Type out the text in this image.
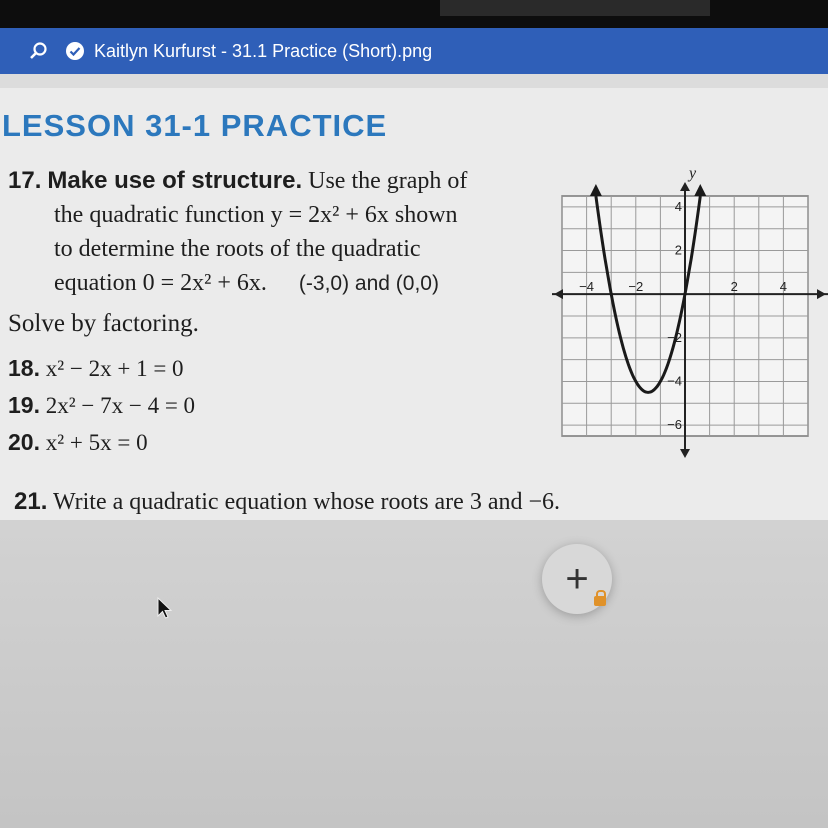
Kaitlyn Kurfurst - 31.1 Practice (Short).png
LESSON 31-1 PRACTICE
17. Make use of structure. Use the graph of
the quadratic function y = 2x² + 6x shown
to determine the roots of the quadratic
equation 0 = 2x² + 6x. (-3,0) and (0,0)
Solve by factoring.
18. x² − 2x + 1 = 0
19. 2x² − 7x − 4 = 0
20. x² + 5x = 0
21. Write a quadratic equation whose roots are 3 and −6.
y
−4	−2	2	4
4
2
−2
−4
−6
+
